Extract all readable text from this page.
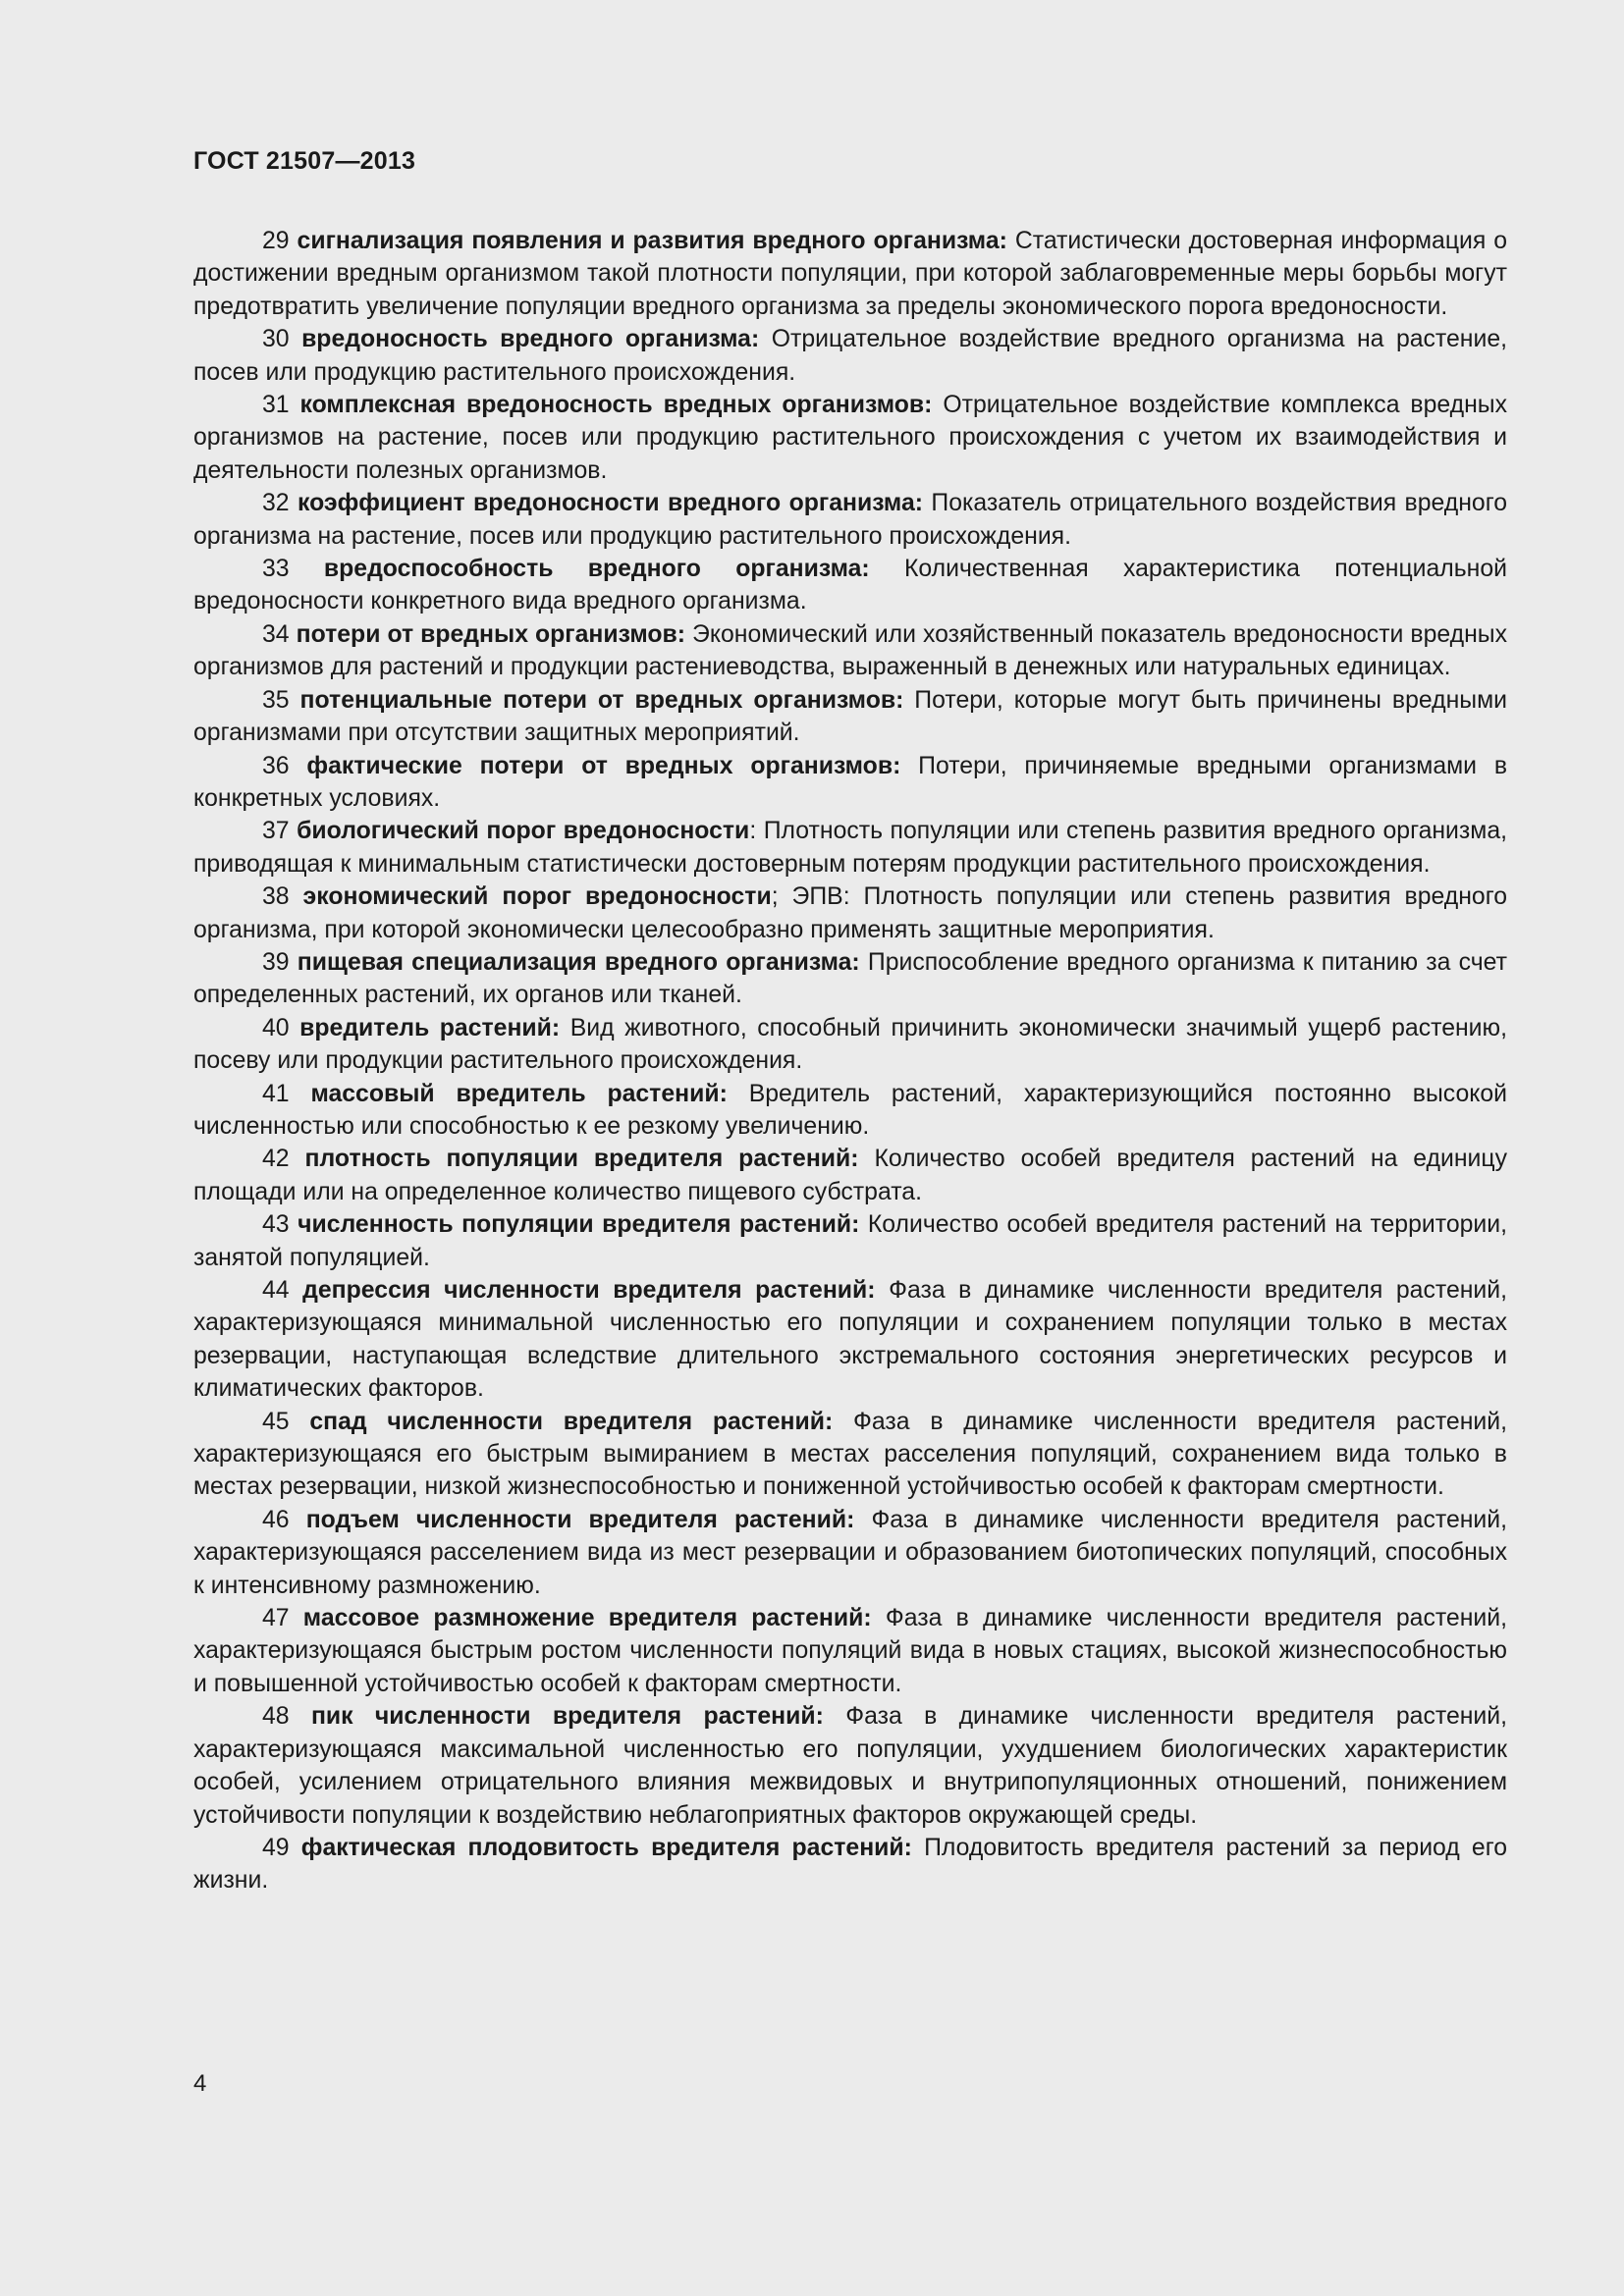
ГОСТ 21507—2013

29 сигнализация появления и развития вредного организма: Статистически достоверная информация о достижении вредным организмом такой плотности популяции, при которой заблаговременные меры борьбы могут предотвратить увеличение популяции вредного организма за пределы экономического порога вредоносности.

30 вредоносность вредного организма: Отрицательное воздействие вредного организма на растение, посев или продукцию растительного происхождения.

31 комплексная вредоносность вредных организмов: Отрицательное воздействие комплекса вредных организмов на растение, посев или продукцию растительного происхождения с учетом их взаимодействия и деятельности полезных организмов.

32 коэффициент вредоносности вредного организма: Показатель отрицательного воздействия вредного организма на растение, посев или продукцию растительного происхождения.

33 вредоспособность вредного организма: Количественная характеристика потенциальной вредоносности конкретного вида вредного организма.

34 потери от вредных организмов: Экономический или хозяйственный показатель вредоносности вредных организмов для растений и продукции растениеводства, выраженный в денежных или натуральных единицах.

35 потенциальные потери от вредных организмов: Потери, которые могут быть причинены вредными организмами при отсутствии защитных мероприятий.

36 фактические потери от вредных организмов: Потери, причиняемые вредными организмами в конкретных условиях.

37 биологический порог вредоносности: Плотность популяции или степень развития вредного организма, приводящая к минимальным статистически достоверным потерям продукции растительного происхождения.

38 экономический порог вредоносности; ЭПВ: Плотность популяции или степень развития вредного организма, при которой экономически целесообразно применять защитные мероприятия.

39 пищевая специализация вредного организма: Приспособление вредного организма к питанию за счет определенных растений, их органов или тканей.

40 вредитель растений: Вид животного, способный причинить экономически значимый ущерб растению, посеву или продукции растительного происхождения.

41 массовый вредитель растений: Вредитель растений, характеризующийся постоянно высокой численностью или способностью к ее резкому увеличению.

42 плотность популяции вредителя растений: Количество особей вредителя растений на единицу площади или на определенное количество пищевого субстрата.

43 численность популяции вредителя растений: Количество особей вредителя растений на территории, занятой популяцией.

44 депрессия численности вредителя растений: Фаза в динамике численности вредителя растений, характеризующаяся минимальной численностью его популяции и сохранением популяции только в местах резервации, наступающая вследствие длительного экстремального состояния энергетических ресурсов и климатических факторов.

45 спад численности вредителя растений: Фаза в динамике численности вредителя растений, характеризующаяся его быстрым вымиранием в местах расселения популяций, сохранением вида только в местах резервации, низкой жизнеспособностью и пониженной устойчивостью особей к факторам смертности.

46 подъем численности вредителя растений: Фаза в динамике численности вредителя растений, характеризующаяся расселением вида из мест резервации и образованием биотопических популяций, способных к интенсивному размножению.

47 массовое размножение вредителя растений: Фаза в динамике численности вредителя растений, характеризующаяся быстрым ростом численности популяций вида в новых стациях, высокой жизнеспособностью и повышенной устойчивостью особей к факторам смертности.

48 пик численности вредителя растений: Фаза в динамике численности вредителя растений, характеризующаяся максимальной численностью его популяции, ухудшением биологических характеристик особей, усилением отрицательного влияния межвидовых и внутрипопуляционных отношений, понижением устойчивости популяции к воздействию неблагоприятных факторов окружающей среды.

49 фактическая плодовитость вредителя растений: Плодовитость вредителя растений за период его жизни.

4
